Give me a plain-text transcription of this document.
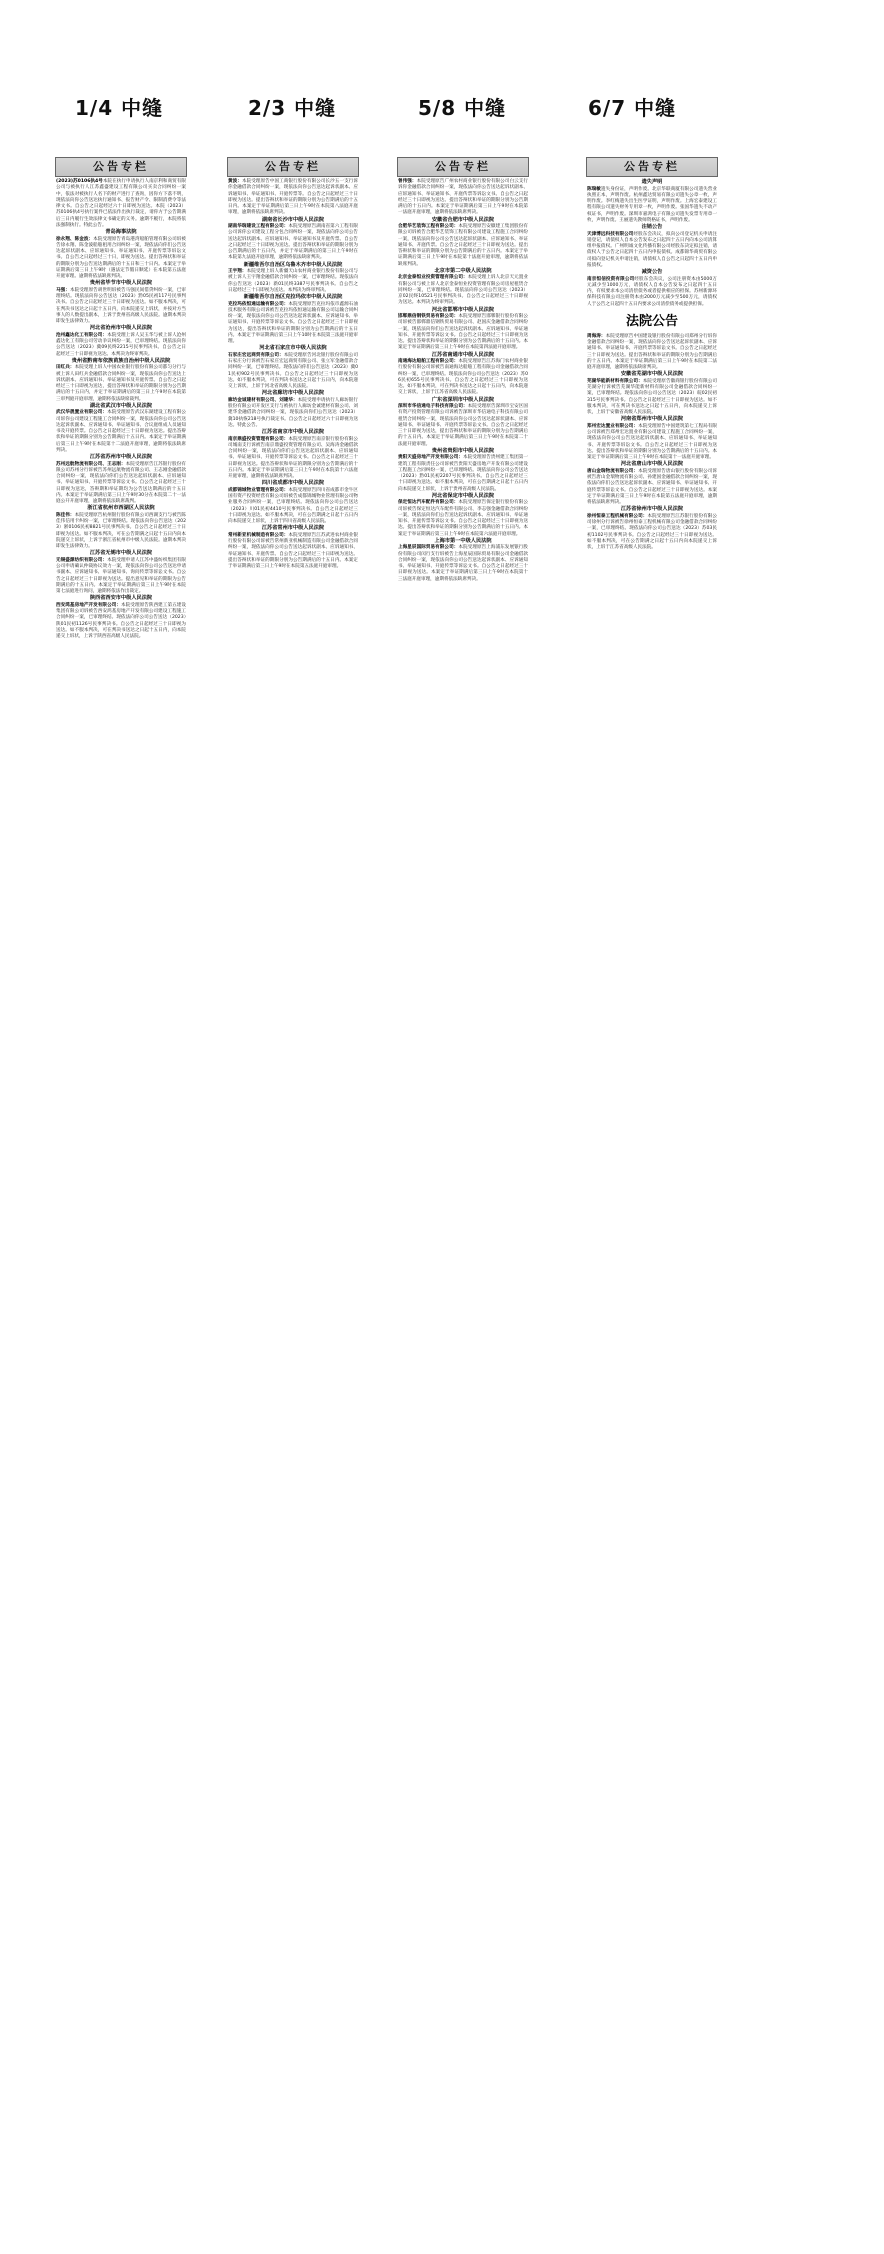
1/4 中缝
公告专栏

(2023)苏0106执4号本院在执行申请执行人南京利和商贸有限公司与被执行人江苏鑫盛建设工程有限公司买卖合同纠纷一案中，依法对被执行人名下的财产进行了查询，因你方下落不明，现依法向你公告送达执行通知书、报告财产令、限制消费令等法律文书。自公告之日起经过六十日即视为送达。本院（2023）苏0106执4号执行案件已依法作出执行裁定，请你方于公告期满后三日内履行生效法律文书确定的义务。逾期不履行，本院将依法强制执行。特此公告。

青岛海事法院

徐永翔、陈金波：本院受理原告青岛港湾船舶管理有限公司诉被告徐永翔、陈金波船舶租用合同纠纷一案，现依法向你们公告送达起诉状副本、应诉通知书、举证通知书、开庭传票等诉讼文书。自公告之日起经过三十日，即视为送达。提出答辩状和举证的期限分别为公告送达期满后的十五日和三十日内。本案定于举证期满后第三日上午9时（遇法定节假日顺延）在本院第五法庭开庭审理。逾期将依法缺席判决。

贵州省毕节市中级人民法院

马强：本院受理原告胡世明诉被告马强民间借贷纠纷一案，已审理终结。现依法向你公告送达（2023）黔05民初117号民事判决书。自公告之日起经过三十日即视为送达。如不服本判决，可在判决书送达之日起十五日内，向本院递交上诉状，并按对方当事人的人数提出副本，上诉于贵州省高级人民法院。逾期本判决即发生法律效力。

河北省沧州市中级人民法院

沧州鑫达化工有限公司：本院受理上诉人吴玉华与被上诉人沧州鑫达化工有限公司劳动争议纠纷一案，已审理终结。现依法向你公告送达（2023）冀09民终2215号民事判决书。自公告之日起经过三十日即视为送达。本判决为终审判决。

贵州省黔南布依族苗族自治州中级人民法院

田红兵：本院受理上诉人中国农业银行股份有限公司都匀分行与被上诉人田红兵金融借款合同纠纷一案，现依法向你公告送达上诉状副本、应诉通知书、举证通知书及开庭传票。自公告之日起经过三十日即视为送达，提出答辩状和举证的期限分别为公告期满后的十五日内，并定于举证期满后的第三日上午9时在本院第三审判庭开庭审理，逾期将依法缺席裁判。

湖北省武汉市中级人民法院

武汉华晟置业有限公司：本院受理原告武汉东湖建设工程有限公司诉你公司建设工程施工合同纠纷一案，现依法向你公司公告送达起诉状副本、应诉通知书、举证通知书、合议庭组成人员通知书及开庭传票。自公告之日起经过三十日即视为送达。提出答辩状和举证的期限分别为公告期满后十五日内。本案定于举证期满后第三日上午9时在本院第十二法庭开庭审理，逾期将依法缺席判决。

江苏省苏州市中级人民法院

苏州远航物流有限公司、王志刚：本院受理原告江苏银行股份有限公司苏州分行诉被告苏州远航物流有限公司、王志刚金融借款合同纠纷一案，现依法向你们公告送达起诉状副本、应诉通知书、举证通知书、开庭传票等诉讼文书。自公告之日起经过三十日即视为送达，答辩期和举证期均为公告送达期满后的十五日内。本案定于举证期满后第三日上午9时30分在本院第二十一法庭公开开庭审理，逾期将依法缺席裁判。

浙江省杭州市西湖区人民法院

陈佳伟：本院受理原告杭州银行股份有限公司西湖支行与被告陈佳伟信用卡纠纷一案，已审理终结。现依法向你公告送达（2023）浙0106民初8821号民事判决书。自公告之日起经过三十日即视为送达。如不服本判决，可在公告期满之日起十五日内向本院递交上诉状，上诉于浙江省杭州市中级人民法院。逾期本判决即发生法律效力。

江苏省无锡市中级人民法院

无锡盛源纺织有限公司：本院受理申请人江苏中盛纺织集团有限公司申请确认仲裁协议效力一案，现依法向你公司公告送达申请书副本、应诉通知书、举证通知书、询问传票等诉讼文书。自公告之日起经过三十日即视为送达。提出意见和举证的期限为公告期满后的十五日内。本案定于举证期满后第三日上午9时在本院第七法庭进行询问，逾期将依法作出裁定。

陕西省西安市中级人民法院

西安鸿基房地产开发有限公司：本院受理原告陕西建工第五建设集团有限公司诉被告西安鸿基房地产开发有限公司建设工程施工合同纠纷一案，已审理终结。现依法向你公司公告送达（2023）陕01民初1126号民事判决书。自公告之日起经过三十日即视为送达。如不服本判决，可在判决书送达之日起十五日内，向本院递交上诉状，上诉于陕西省高级人民法院。

2/3 中缝
公告专栏

黄波：本院受理原告中国工商银行股份有限公司长沙五一支行诉你金融借款合同纠纷一案，现依法向你公告送达起诉状副本、应诉通知书、举证通知书、开庭传票等。自公告之日起经过三十日即视为送达。提出答辩状和举证的期限分别为公告期满后的十五日内。本案定于举证期满后第三日上午9时在本院第八法庭开庭审理，逾期将依法缺席判决。

湖南省长沙市中级人民法院

湖南华瑞建设工程有限公司：本院受理原告湖南省第六工程有限公司诉你公司建设工程分包合同纠纷一案，现依法向你公司公告送达起诉状副本、应诉通知书、举证通知书及开庭传票。自公告之日起经过三十日即视为送达。提出答辩状和举证的期限分别为公告期满后的十五日内，并定于举证期满后的第三日上午9时在本院第九法庭开庭审理，逾期将依法缺席判决。

新疆维吾尔自治区乌鲁木齐市中级人民法院

王宇翔：本院受理上诉人新疆天山农村商业银行股份有限公司与被上诉人王宇翔金融借款合同纠纷一案，已审理终结。现依法向你公告送达（2023）新01民终3387号民事判决书。自公告之日起经过三十日即视为送达。本判决为终审判决。

新疆维吾尔自治区克拉玛依市中级人民法院

克拉玛依恒通运输有限公司：本院受理原告克拉玛依市鑫源石油技术服务有限公司诉被告克拉玛依恒通运输有限公司运输合同纠纷一案，现依法向你公司公告送达起诉状副本、应诉通知书、举证通知书、开庭传票等诉讼文书。自公告之日起经过三十日即视为送达，提出答辩状和举证的期限分别为公告期满后的十五日内。本案定于举证期满后第三日上午10时在本院第三法庭开庭审理。

河北省石家庄市中级人民法院

石家庄宏远商贸有限公司：本院受理原告河北银行股份有限公司石家庄分行诉被告石家庄宏远商贸有限公司、张立军金融借款合同纠纷一案，已审理终结。现依法向你们公告送达（2023）冀01民初902号民事判决书。自公告之日起经过三十日即视为送达。如不服本判决，可在判决书送达之日起十五日内，向本院递交上诉状，上诉于河北省高级人民法院。

河北省廊坊市中级人民法院

廊坊金诚建材有限公司、刘建华：本院受理申请执行人廊坊银行股份有限公司开发区支行与被执行人廊坊金诚建材有限公司、刘建华金融借款合同纠纷一案，现依法向你们公告送达（2023）冀10执恢218号执行裁定书。自公告之日起经过六十日即视为送达。特此公告。

江苏省南京市中级人民法院

南京鼎盛投资管理有限公司：本院受理原告南京银行股份有限公司城南支行诉被告南京鼎盛投资管理有限公司、吴海涛金融借款合同纠纷一案，现依法向你们公告送达起诉状副本、应诉通知书、举证通知书、开庭传票等诉讼文书。自公告之日起经过三十日即视为送达。提出答辩状和举证的期限分别为公告期满后的十五日内。本案定于举证期满后第三日上午9时在本院第十六法庭开庭审理，逾期将依法缺席判决。

四川省成都市中级人民法院

成都锦城物业管理有限公司：本院受理原告四川省成都市金牛区国有资产投资经营有限公司诉被告成都锦城物业管理有限公司物业服务合同纠纷一案，已审理终结。现依法向你公司公告送达（2023）川01民初4410号民事判决书。自公告之日起经过三十日即视为送达。如不服本判决，可在公告期满之日起十五日内向本院递交上诉状，上诉于四川省高级人民法院。

江苏省常州市中级人民法院

常州新亚机械制造有限公司：本院受理原告江苏武进农村商业银行股份有限公司诉被告常州新亚机械制造有限公司金融借款合同纠纷一案，现依法向你公司公告送达起诉状副本、应诉通知书、举证通知书、开庭传票。自公告之日起经过三十日即视为送达。提出答辩状和举证的期限分别为公告期满后的十五日内。本案定于举证期满后第三日上午9时在本院第五法庭开庭审理。

5/8 中缝
公告专栏

曾伟强：本院受理原告广州农村商业银行股份有限公司白云支行诉你金融借款合同纠纷一案，现依法向你公告送达起诉状副本、应诉通知书、举证通知书、开庭传票等诉讼文书。自公告之日起经过三十日即视为送达。提出答辩状和举证的期限分别为公告期满后的十五日内。本案定于举证期满后第三日上午9时在本院第一法庭开庭审理，逾期将依法缺席判决。

安徽省合肥市中级人民法院

合肥华艺装饰工程有限公司：本院受理原告安徽建工集团股份有限公司诉被告合肥华艺装饰工程有限公司建设工程施工合同纠纷一案，现依法向你公司公告送达起诉状副本、应诉通知书、举证通知书、开庭传票。自公告之日起经过三十日即视为送达。提出答辩状和举证的期限分别为公告期满后的十五日内。本案定于举证期满后第三日上午9时在本院第十法庭开庭审理，逾期将依法缺席判决。

北京市第二中级人民法院

北京金泰恒业投资管理有限公司：本院受理上诉人北京天元置业有限公司与被上诉人北京金泰恒业投资管理有限公司房屋租赁合同纠纷一案，已审理终结。现依法向你公司公告送达（2023）京02民终10521号民事判决书。自公告之日起经过三十日即视为送达。本判决为终审判决。

河北省邯郸市中级人民法院

邯郸鼎信钢铁贸易有限公司：本院受理原告邯郸银行股份有限公司诉被告邯郸鼎信钢铁贸易有限公司、赵国庆金融借款合同纠纷一案，现依法向你们公告送达起诉状副本、应诉通知书、举证通知书、开庭传票等诉讼文书。自公告之日起经过三十日即视为送达。提出答辩状和举证的期限分别为公告期满后的十五日内。本案定于举证期满后第三日上午9时在本院第四法庭开庭审理。

江苏省南通市中级人民法院

南通海达船舶工程有限公司：本院受理原告江苏海门农村商业银行股份有限公司诉被告南通海达船舶工程有限公司金融借款合同纠纷一案，已审理终结。现依法向你公司公告送达（2023）苏06民初655号民事判决书。自公告之日起经过三十日即视为送达。如不服本判决，可在判决书送达之日起十五日内，向本院递交上诉状，上诉于江苏省高级人民法院。

广东省深圳市中级人民法院

深圳市华信通电子科技有限公司：本院受理原告深圳市宝安区国有资产投资管理有限公司诉被告深圳市华信通电子科技有限公司租赁合同纠纷一案，现依法向你公司公告送达起诉状副本、应诉通知书、举证通知书、开庭传票等诉讼文书。自公告之日起经过三十日即视为送达，提出答辩状和举证的期限分别为公告期满后的十五日内。本案定于举证期满后第三日上午9时在本院第二十法庭开庭审理。

贵州省贵阳市中级人民法院

贵阳天盛房地产开发有限公司：本院受理原告贵州建工集团第一建筑工程有限责任公司诉被告贵阳天盛房地产开发有限公司建设工程施工合同纠纷一案，已审理终结。现依法向你公司公告送达（2023）黔01民初2207号民事判决书。自公告之日起经过三十日即视为送达。如不服本判决，可在公告期满之日起十五日内向本院递交上诉状，上诉于贵州省高级人民法院。

河北省保定市中级人民法院

保定恒达汽车配件有限公司：本院受理原告保定银行股份有限公司诉被告保定恒达汽车配件有限公司、李志强金融借款合同纠纷一案，现依法向你们公告送达起诉状副本、应诉通知书、举证通知书、开庭传票等诉讼文书。自公告之日起经过三十日即视为送达。提出答辩状和举证的期限分别为公告期满后的十五日内。本案定于举证期满后第三日上午9时在本院第六法庭开庭审理。

上海市第一中级人民法院

上海星辰国际贸易有限公司：本院受理原告上海浦东发展银行股份有限公司闵行支行诉被告上海星辰国际贸易有限公司金融借款合同纠纷一案，现依法向你公司公告送达起诉状副本、应诉通知书、举证通知书、开庭传票等诉讼文书。自公告之日起经过三十日即视为送达。本案定于举证期满后第三日上午9时在本院第十三法庭开庭审理，逾期将依法缺席判决。

6/7 中缝
公告专栏
遗失声明

陈瑞敏遗失身份证，声明作废。北京华联商厦有限公司遗失营业执照正本，声明作废。杭州鑫达贸易有限公司遗失公章一枚，声明作废。李红梅遗失出生医学证明，声明作废。上海宏泰建设工程有限公司遗失财务专用章一枚，声明作废。张国华遗失不动产权证书，声明作废。深圳市嘉鸿电子有限公司遗失发票专用章一枚，声明作废。王丽遗失教师资格证书，声明作废。

注销公告

天津博远科技有限公司经股东会决议，拟向公司登记机关申请注销登记，请债权人自本公告发布之日起四十五日内向本公司清算组申报债权。广州明诚文化传播有限公司经股东决定拟注销，请债权人于公告之日起四十五日内申报债权。成都锦华商贸有限公司拟向登记机关申请注销，请债权人自公告之日起四十五日内申报债权。

减资公告

南京恒信投资有限公司经股东会决议，公司注册资本由5000万元减少至1000万元，请债权人自本公告发布之日起四十五日内，有权要求本公司清偿债务或者提供相应的担保。苏州新源环保科技有限公司注册资本由2000万元减少至500万元，请债权人于公告之日起四十五日内要求公司清偿债务或提供担保。

法院公告

周海涛：本院受理原告中国建设银行股份有限公司郑州分行诉你金融借款合同纠纷一案，现依法向你公告送达起诉状副本、应诉通知书、举证通知书、开庭传票等诉讼文书。自公告之日起经过三十日即视为送达。提出答辩状和举证的期限分别为公告期满后的十五日内。本案定于举证期满后第三日上午9时在本院第二法庭开庭审理，逾期将依法缺席判决。

安徽省芜湖市中级人民法院

芜湖华能新材料有限公司：本院受理原告徽商银行股份有限公司芜湖分行诉被告芜湖华能新材料有限公司金融借款合同纠纷一案，已审理终结。现依法向你公司公告送达（2023）皖02民初315号民事判决书。自公告之日起经过三十日即视为送达。如不服本判决，可在判决书送达之日起十五日内，向本院递交上诉状，上诉于安徽省高级人民法院。

河南省郑州市中级人民法院

郑州宏达置业有限公司：本院受理原告中国建筑第七工程局有限公司诉被告郑州宏达置业有限公司建设工程施工合同纠纷一案，现依法向你公司公告送达起诉状副本、应诉通知书、举证通知书、开庭传票等诉讼文书。自公告之日起经过三十日即视为送达。提出答辩状和举证的期限分别为公告期满后的十五日内。本案定于举证期满后第三日上午9时在本院第十一法庭开庭审理。

河北省唐山市中级人民法院

唐山金瑞物流有限公司：本院受理原告唐山银行股份有限公司诉被告唐山金瑞物流有限公司、孙建国金融借款合同纠纷一案，现依法向你们公告送达起诉状副本、应诉通知书、举证通知书、开庭传票等诉讼文书。自公告之日起经过三十日即视为送达。本案定于举证期满后第三日上午9时在本院第五法庭开庭审理，逾期将依法缺席判决。

江苏省徐州市中级人民法院

徐州恒泰工程机械有限公司：本院受理原告江苏银行股份有限公司徐州分行诉被告徐州恒泰工程机械有限公司金融借款合同纠纷一案，已审理终结。现依法向你公司公告送达（2023）苏03民初1102号民事判决书。自公告之日起经过三十日即视为送达。如不服本判决，可在公告期满之日起十五日内向本院递交上诉状，上诉于江苏省高级人民法院。
